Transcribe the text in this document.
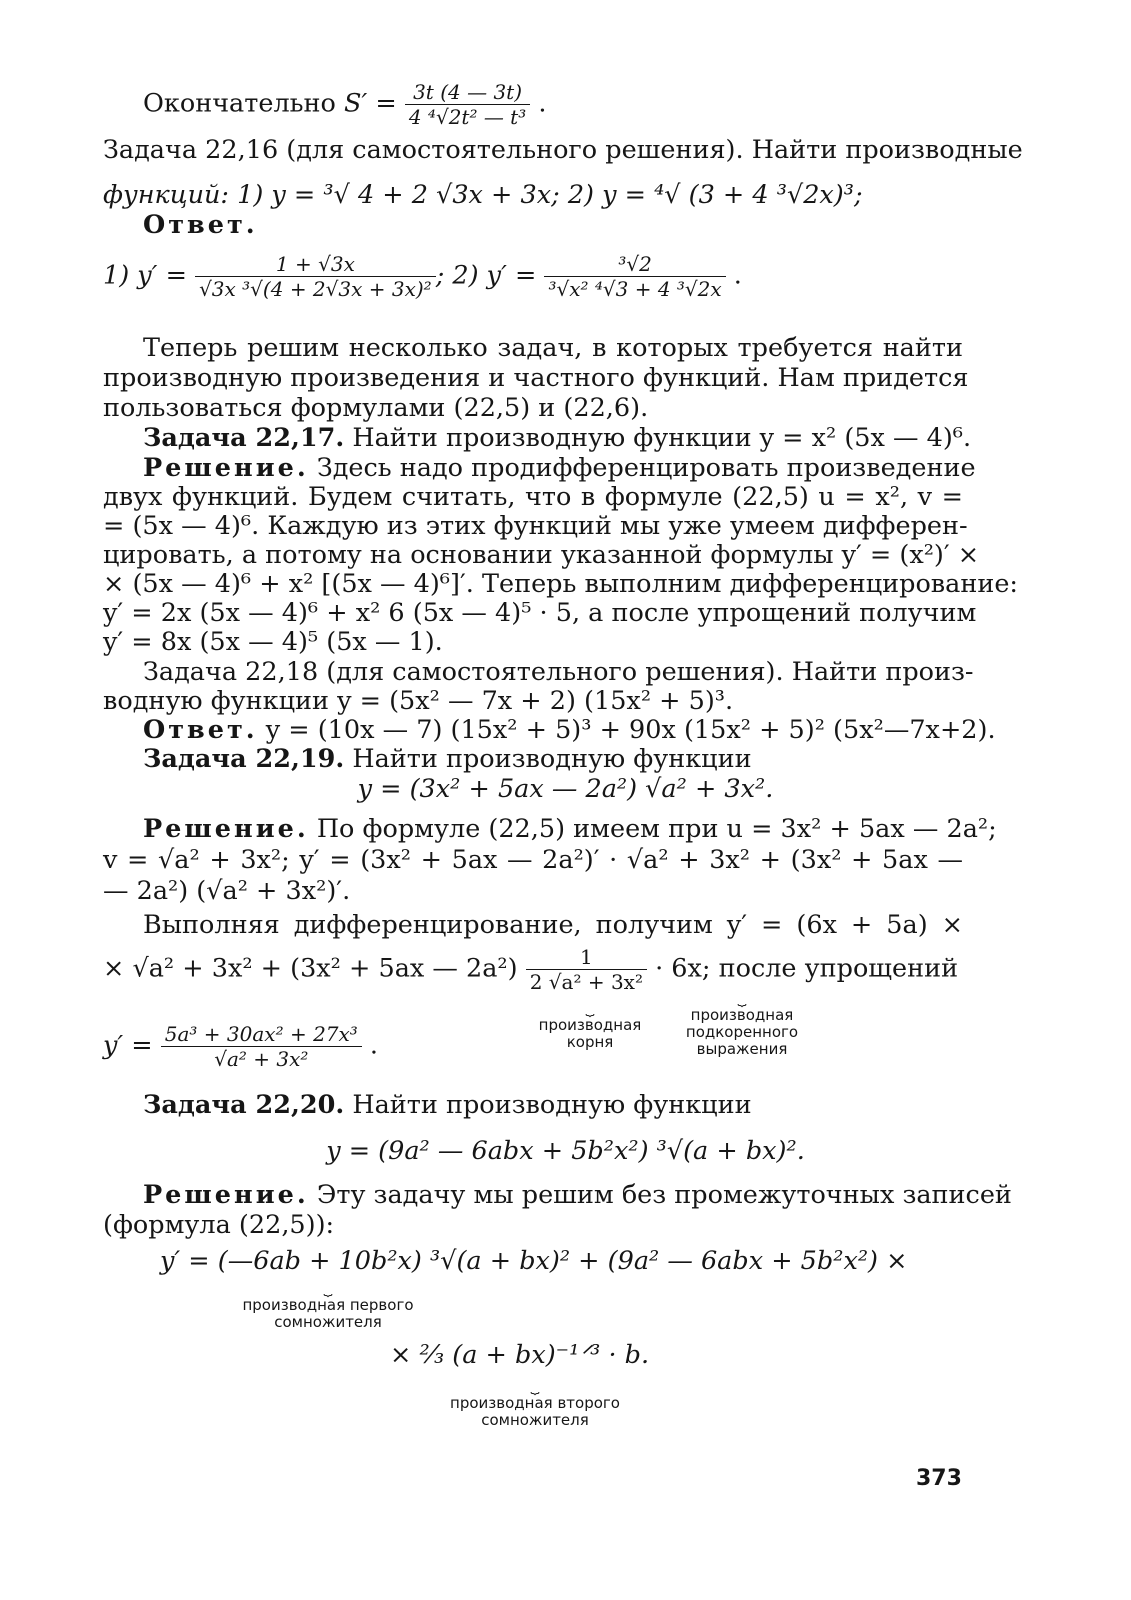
Окончательно $S' = \frac{3t (4 — 3t)}{\text{4 ⁴√2t² — t³}}$ .
Задача 22,16 (для самостоятельного решения). Найти производные
функций: 1) y = ³√ 4 + 2 √3x + 3x; 2) y = ⁴√ (3 + 4 ³√2x)³;
Ответ.
1) $y' = \frac{1 + √3x}{\text{√3x ³√(4 + 2√3x + 3x)²}}$ ; 2) $y' = \frac{\text{³√2}}{\text{³√x² ⁴√3 + 4 ³√2x}}$ .
Теперь решим несколько задач, в которых требуется найти
производную произведения и частного функций. Нам придется
пользоваться формулами (22,5) и (22,6).
Задача 22,17. Найти производную функции y = x² (5x — 4)⁶.
Решение. Здесь надо продифференцировать произведение
двух функций. Будем считать, что в формуле (22,5) u = x², v =
= (5x — 4)⁶. Каждую из этих функций мы уже умеем дифферен-
цировать, а потому на основании указанной формулы y′ = (x²)′ ×
× (5x — 4)⁶ + x² [(5x — 4)⁶]′. Теперь выполним дифференцирование:
y′ = 2x (5x — 4)⁶ + x² 6 (5x — 4)⁵ · 5, а после упрощений получим
y′ = 8x (5x — 4)⁵ (5x — 1).
Задача 22,18 (для самостоятельного решения). Найти произ-
водную функции y = (5x² — 7x + 2) (15x² + 5)³.
Ответ. y = (10x — 7) (15x² + 5)³ + 90x (15x² + 5)² (5x²—7x+2).
Задача 22,19. Найти производную функции
y = (3x² + 5ax — 2a²) √a² + 3x².
Решение. По формуле (22,5) имеем при u = 3x² + 5ax — 2a²;
v = √a² + 3x²; y′ = (3x² + 5ax — 2a²)′ · √a² + 3x² + (3x² + 5ax —
— 2a²) (√a² + 3x²)′.
Выполняя дифференцирование, получим y′ = (6x + 5a) ×
× √a² + 3x² + (3x² + 5ax — $2a^2) \frac{1}{\text{2 √a² + 3x²}} \cdot 6x$; после упрощений
⏟
производная корня
⏟
производная подкоренного выражения
$y' = \frac{\text{5a³ + 30ax² + 27x³}}{\text{√a² + 3x²}}$ .
Задача 22,20. Найти производную функции
y = (9a² — 6abx + 5b²x²) ³√(a + bx)².
Решение. Эту задачу мы решим без промежуточных записей
(формула (22,5)):
y′ = (—6ab + 10b²x) ³√(a + bx)² + (9a² — 6abx + 5b²x²) ×
⏟
производная первого сомножителя
× ²⁄₃ (a + bx)⁻¹ᐟ³ · b.
⏟
производная второго сомножителя
373
